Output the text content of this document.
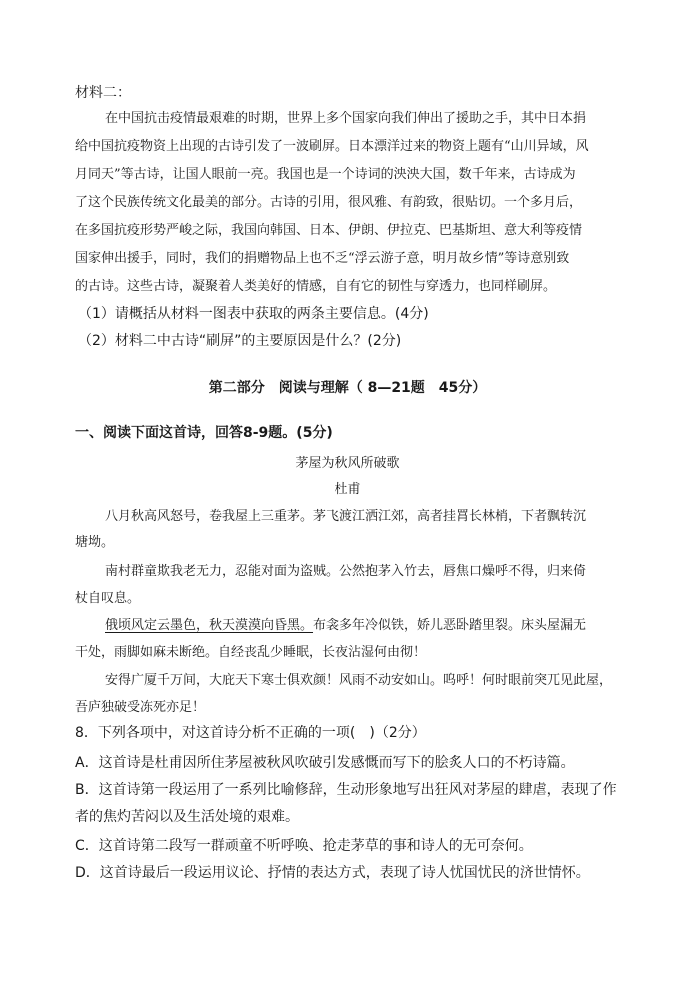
材料二：
在中国抗击疫情最艰难的时期，世界上多个国家向我们伸出了援助之手，其中日本捐
给中国抗疫物资上出现的古诗引发了一波刷屏。日本漂洋过来的物资上题有“山川异域，风
月同天”等古诗，让国人眼前一亮。我国也是一个诗词的泱泱大国，数千年来，古诗成为
了这个民族传统文化最美的部分。古诗的引用，很风雅、有韵致，很贴切。一个多月后，
在多国抗疫形势严峻之际，我国向韩国、日本、伊朗、伊拉克、巴基斯坦、意大利等疫情
国家伸出援手，同时，我们的捐赠物品上也不乏“浮云游子意，明月故乡情”等诗意别致
的古诗。这些古诗，凝聚着人类美好的情感，自有它的韧性与穿透力，也同样刷屏。
（1）请概括从材料一图表中获取的两条主要信息。(4分)
（2）材料二中古诗“刷屏”的主要原因是什么？(2分)
第二部分　阅读与理解（ 8—21题　45分）
一、阅读下面这首诗，回答8-9题。(5分)
茅屋为秋风所破歌
杜甫
八月秋高风怒号，卷我屋上三重茅。茅飞渡江洒江郊，高者挂罥长林梢，下者飘转沉
塘坳。
南村群童欺我老无力，忍能对面为盗贼。公然抱茅入竹去，唇焦口燥呼不得，归来倚
杖自叹息。
俄顷风定云墨色，秋天漠漠向昏黑。布衾多年冷似铁，娇儿恶卧踏里裂。床头屋漏无
干处，雨脚如麻未断绝。自经丧乱少睡眠，长夜沾湿何由彻！
安得广厦千万间，大庇天下寒士俱欢颜！风雨不动安如山。呜呼！何时眼前突兀见此屋，
吾庐独破受冻死亦足！
8．下列各项中，对这首诗分析不正确的一项(　)（2分）
A．这首诗是杜甫因所住茅屋被秋风吹破引发感慨而写下的脍炙人口的不朽诗篇。
B．这首诗第一段运用了一系列比喻修辞，生动形象地写出狂风对茅屋的肆虐，表现了作
者的焦灼苦闷以及生活处境的艰难。
C．这首诗第二段写一群顽童不听呼唤、抢走茅草的事和诗人的无可奈何。
D．这首诗最后一段运用议论、抒情的表达方式，表现了诗人忧国忧民的济世情怀。
